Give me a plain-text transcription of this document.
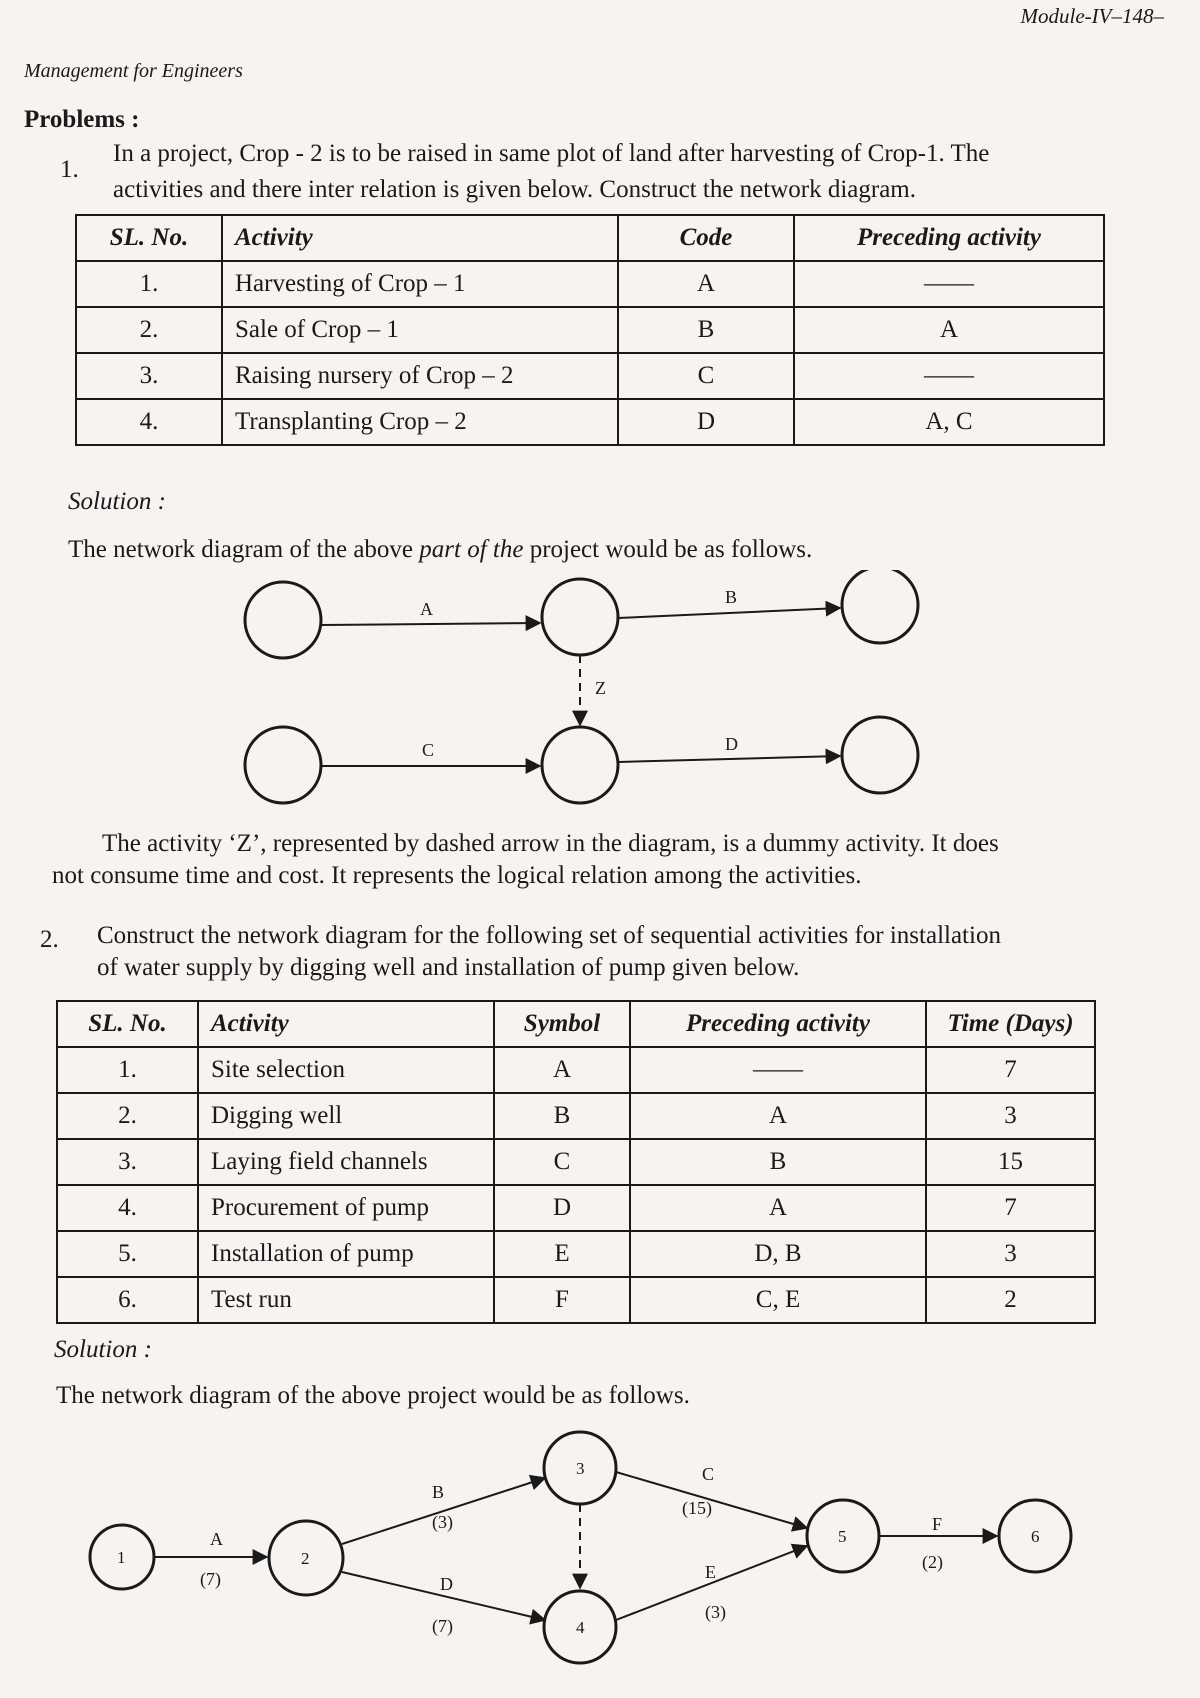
Module-IV–148–
Management for Engineers
Problems :
1.
In a project, Crop - 2 is to be raised in same plot of land after harvesting of Crop-1. The
activities and there inter relation is given below. Construct the network diagram.
SL. No.	Activity	Code	Preceding activity
1.	Harvesting of Crop – 1	A	——
2.	Sale of Crop – 1	B	A
3.	Raising nursery of Crop – 2	C	——
4.	Transplanting Crop – 2	D	A, C
Solution :
The network diagram of the above part of the project would be as follows.
A
B
C	D
Z
The activity ‘Z’, represented by dashed arrow in the diagram, is a dummy activity. It does
not consume time and cost. It represents the logical relation among the activities.
2. Construct the network diagram for the following set of sequential activities for installation
of water supply by digging well and installation of pump given below.
SL. No.	Activity	Symbol	Preceding activity	Time (Days)
1.	Site selection	A	——	7
2.	Digging well	B	A	3
3.	Laying field channels	C	B	15
4.	Procurement of pump	D	A	7
5.	Installation of pump	E	D, B	3
6.	Test run	F	C, E	2
Solution :
The network diagram of the above project would be as follows.
1	2
3
4
5	6
A
(7)
B
(3)
C
(15)
D
(7)
E
(3)
F
(2)
